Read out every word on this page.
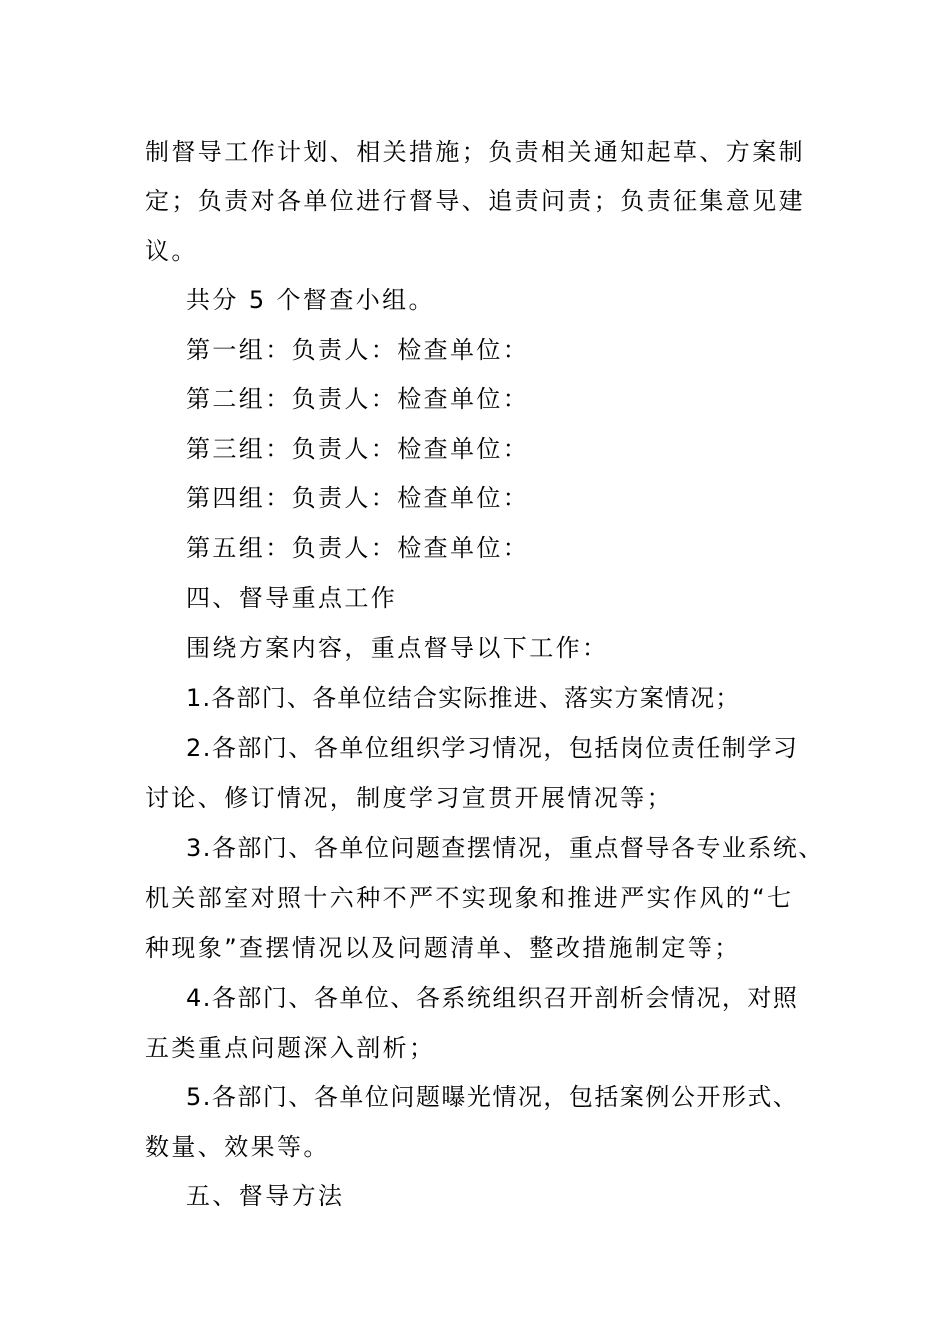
制督导工作计划、相关措施；负责相关通知起草、方案制
定；负责对各单位进行督导、追责问责；负责征集意见建
议。
共分 5 个督查小组。
第一组：负责人：检查单位：
第二组：负责人：检查单位：
第三组：负责人：检查单位：
第四组：负责人：检查单位：
第五组：负责人：检查单位：
四、督导重点工作
围绕方案内容，重点督导以下工作：
1.各部门、各单位结合实际推进、落实方案情况；
2.各部门、各单位组织学习情况，包括岗位责任制学习
讨论、修订情况，制度学习宣贯开展情况等；
3.各部门、各单位问题查摆情况，重点督导各专业系统、
机关部室对照十六种不严不实现象和推进严实作风的“七
种现象”查摆情况以及问题清单、整改措施制定等；
4.各部门、各单位、各系统组织召开剖析会情况，对照
五类重点问题深入剖析；
5.各部门、各单位问题曝光情况，包括案例公开形式、
数量、效果等。
五、督导方法
